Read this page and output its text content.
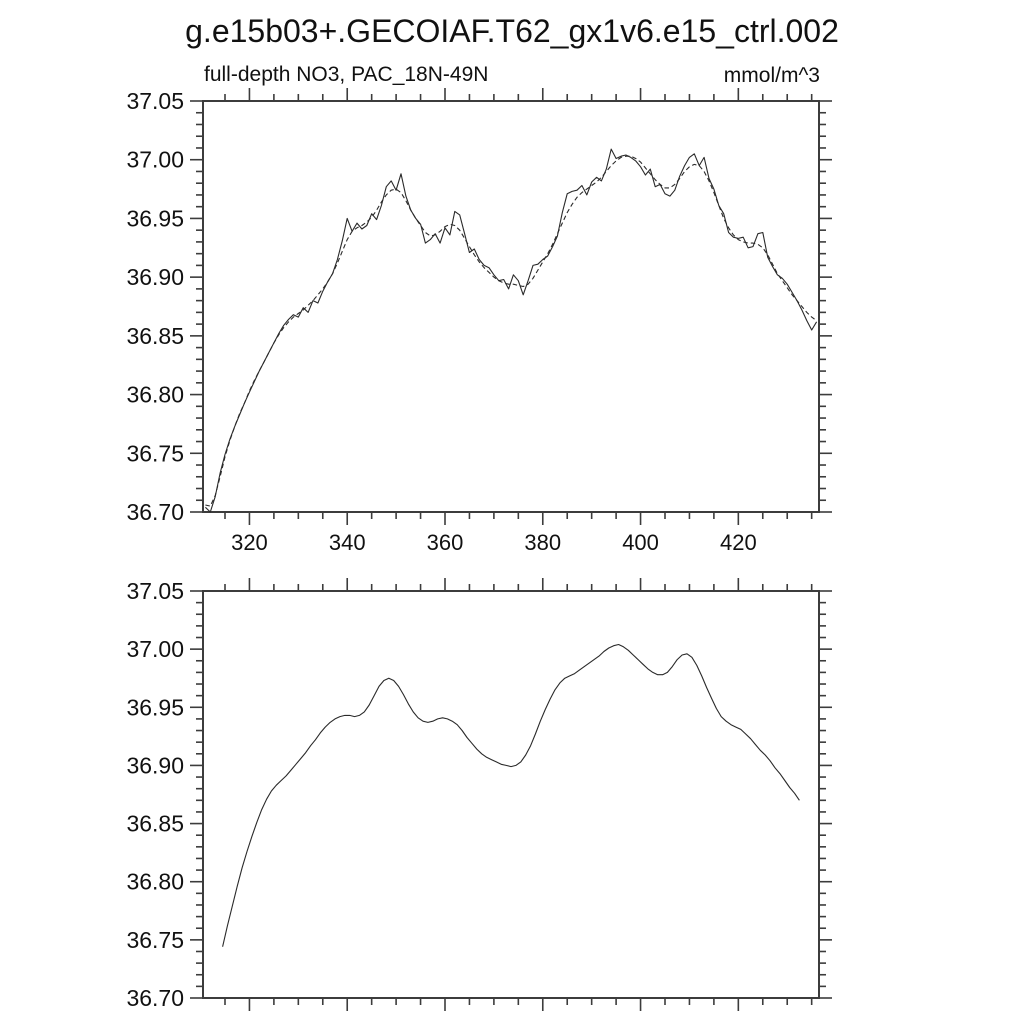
g.e15b03+.GECOIAF.T62_gx1v6.e15_ctrl.002
full-depth NO3, PAC_18N-49N	mmol/m^3
320	340	360	380	400	420
36.70
36.75
36.80
36.85
36.90
36.95
37.00
37.05
36.70
36.75
36.80
36.85
36.90
36.95
37.00
37.05
